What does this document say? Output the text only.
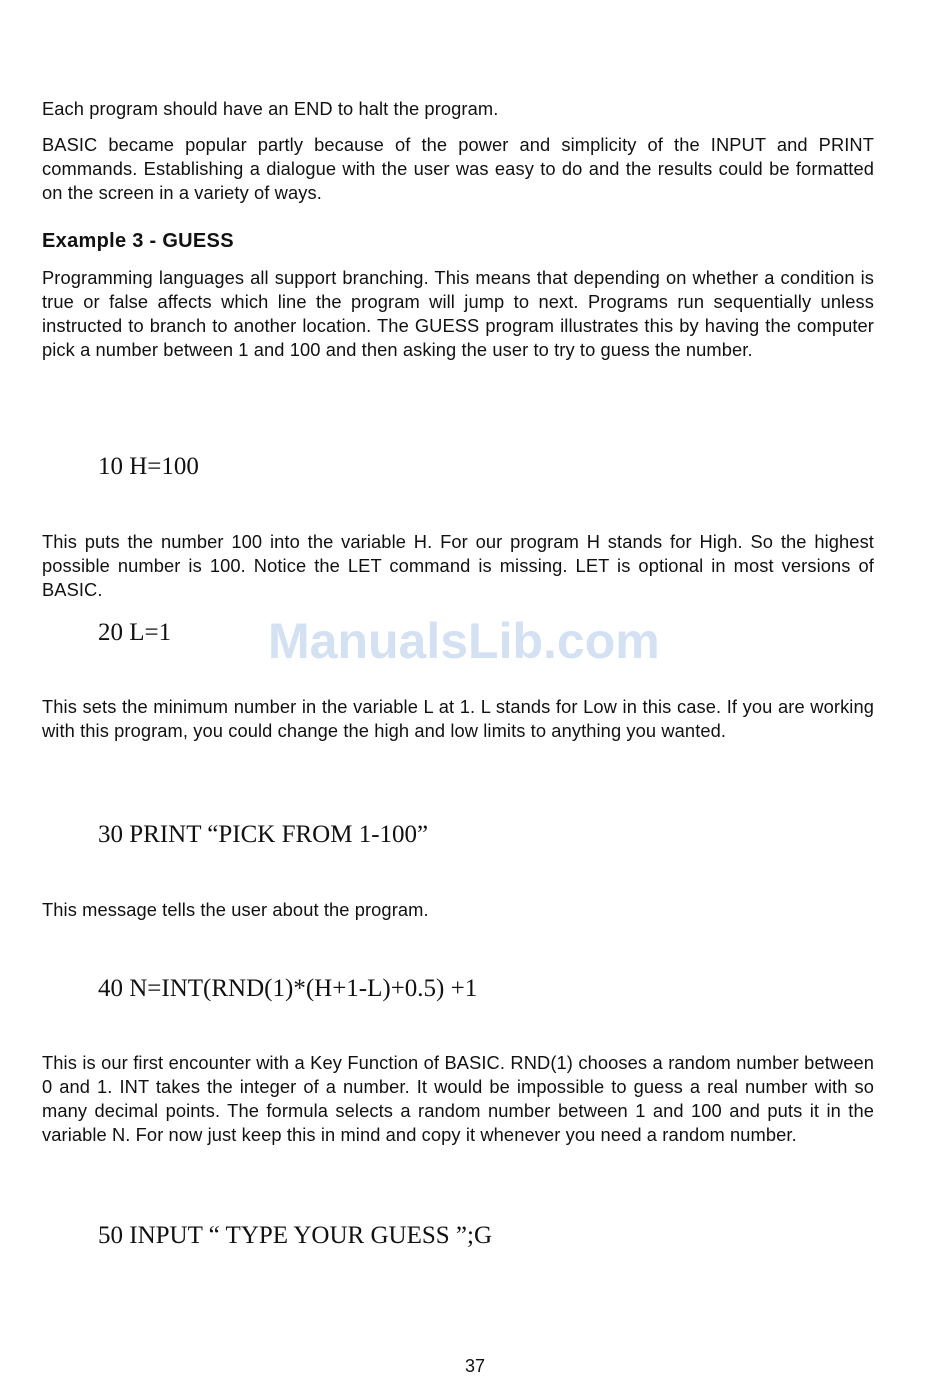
Each program should have an END to halt the program.

BASIC became popular partly because of the power and simplicity of the INPUT and PRINT commands. Establishing a dialogue with the user was easy to do and the results could be formatted on the screen in a variety of ways.

Example 3 - GUESS

Programming languages all support branching. This means that depending on whether a condition is true or false affects which line the program will jump to next. Programs run sequentially unless instructed to branch to another location. The GUESS program illustrates this by having the computer pick a number between 1 and 100 and then asking the user to try to guess the number.

10 H=100

This puts the number 100 into the variable H. For our program H stands for High. So the highest possible number is 100. Notice the LET command is missing. LET is optional in most versions of BASIC.

20 L=1 ManualsLib.com

This sets the minimum number in the variable L at 1. L stands for Low in this case. If you are working with this program, you could change the high and low limits to anything you wanted.

30 PRINT “PICK FROM 1-100”

This message tells the user about the program.

40 N=INT(RND(1)*(H+1-L)+0.5) +1

This is our first encounter with a Key Function of BASIC. RND(1) chooses a random number between 0 and 1. INT takes the integer of a number. It would be impossible to guess a real number with so many decimal points. The formula selects a random number between 1 and 100 and puts it in the variable N. For now just keep this in mind and copy it whenever you need a random number.

50 INPUT “ TYPE YOUR GUESS ”;G

37
